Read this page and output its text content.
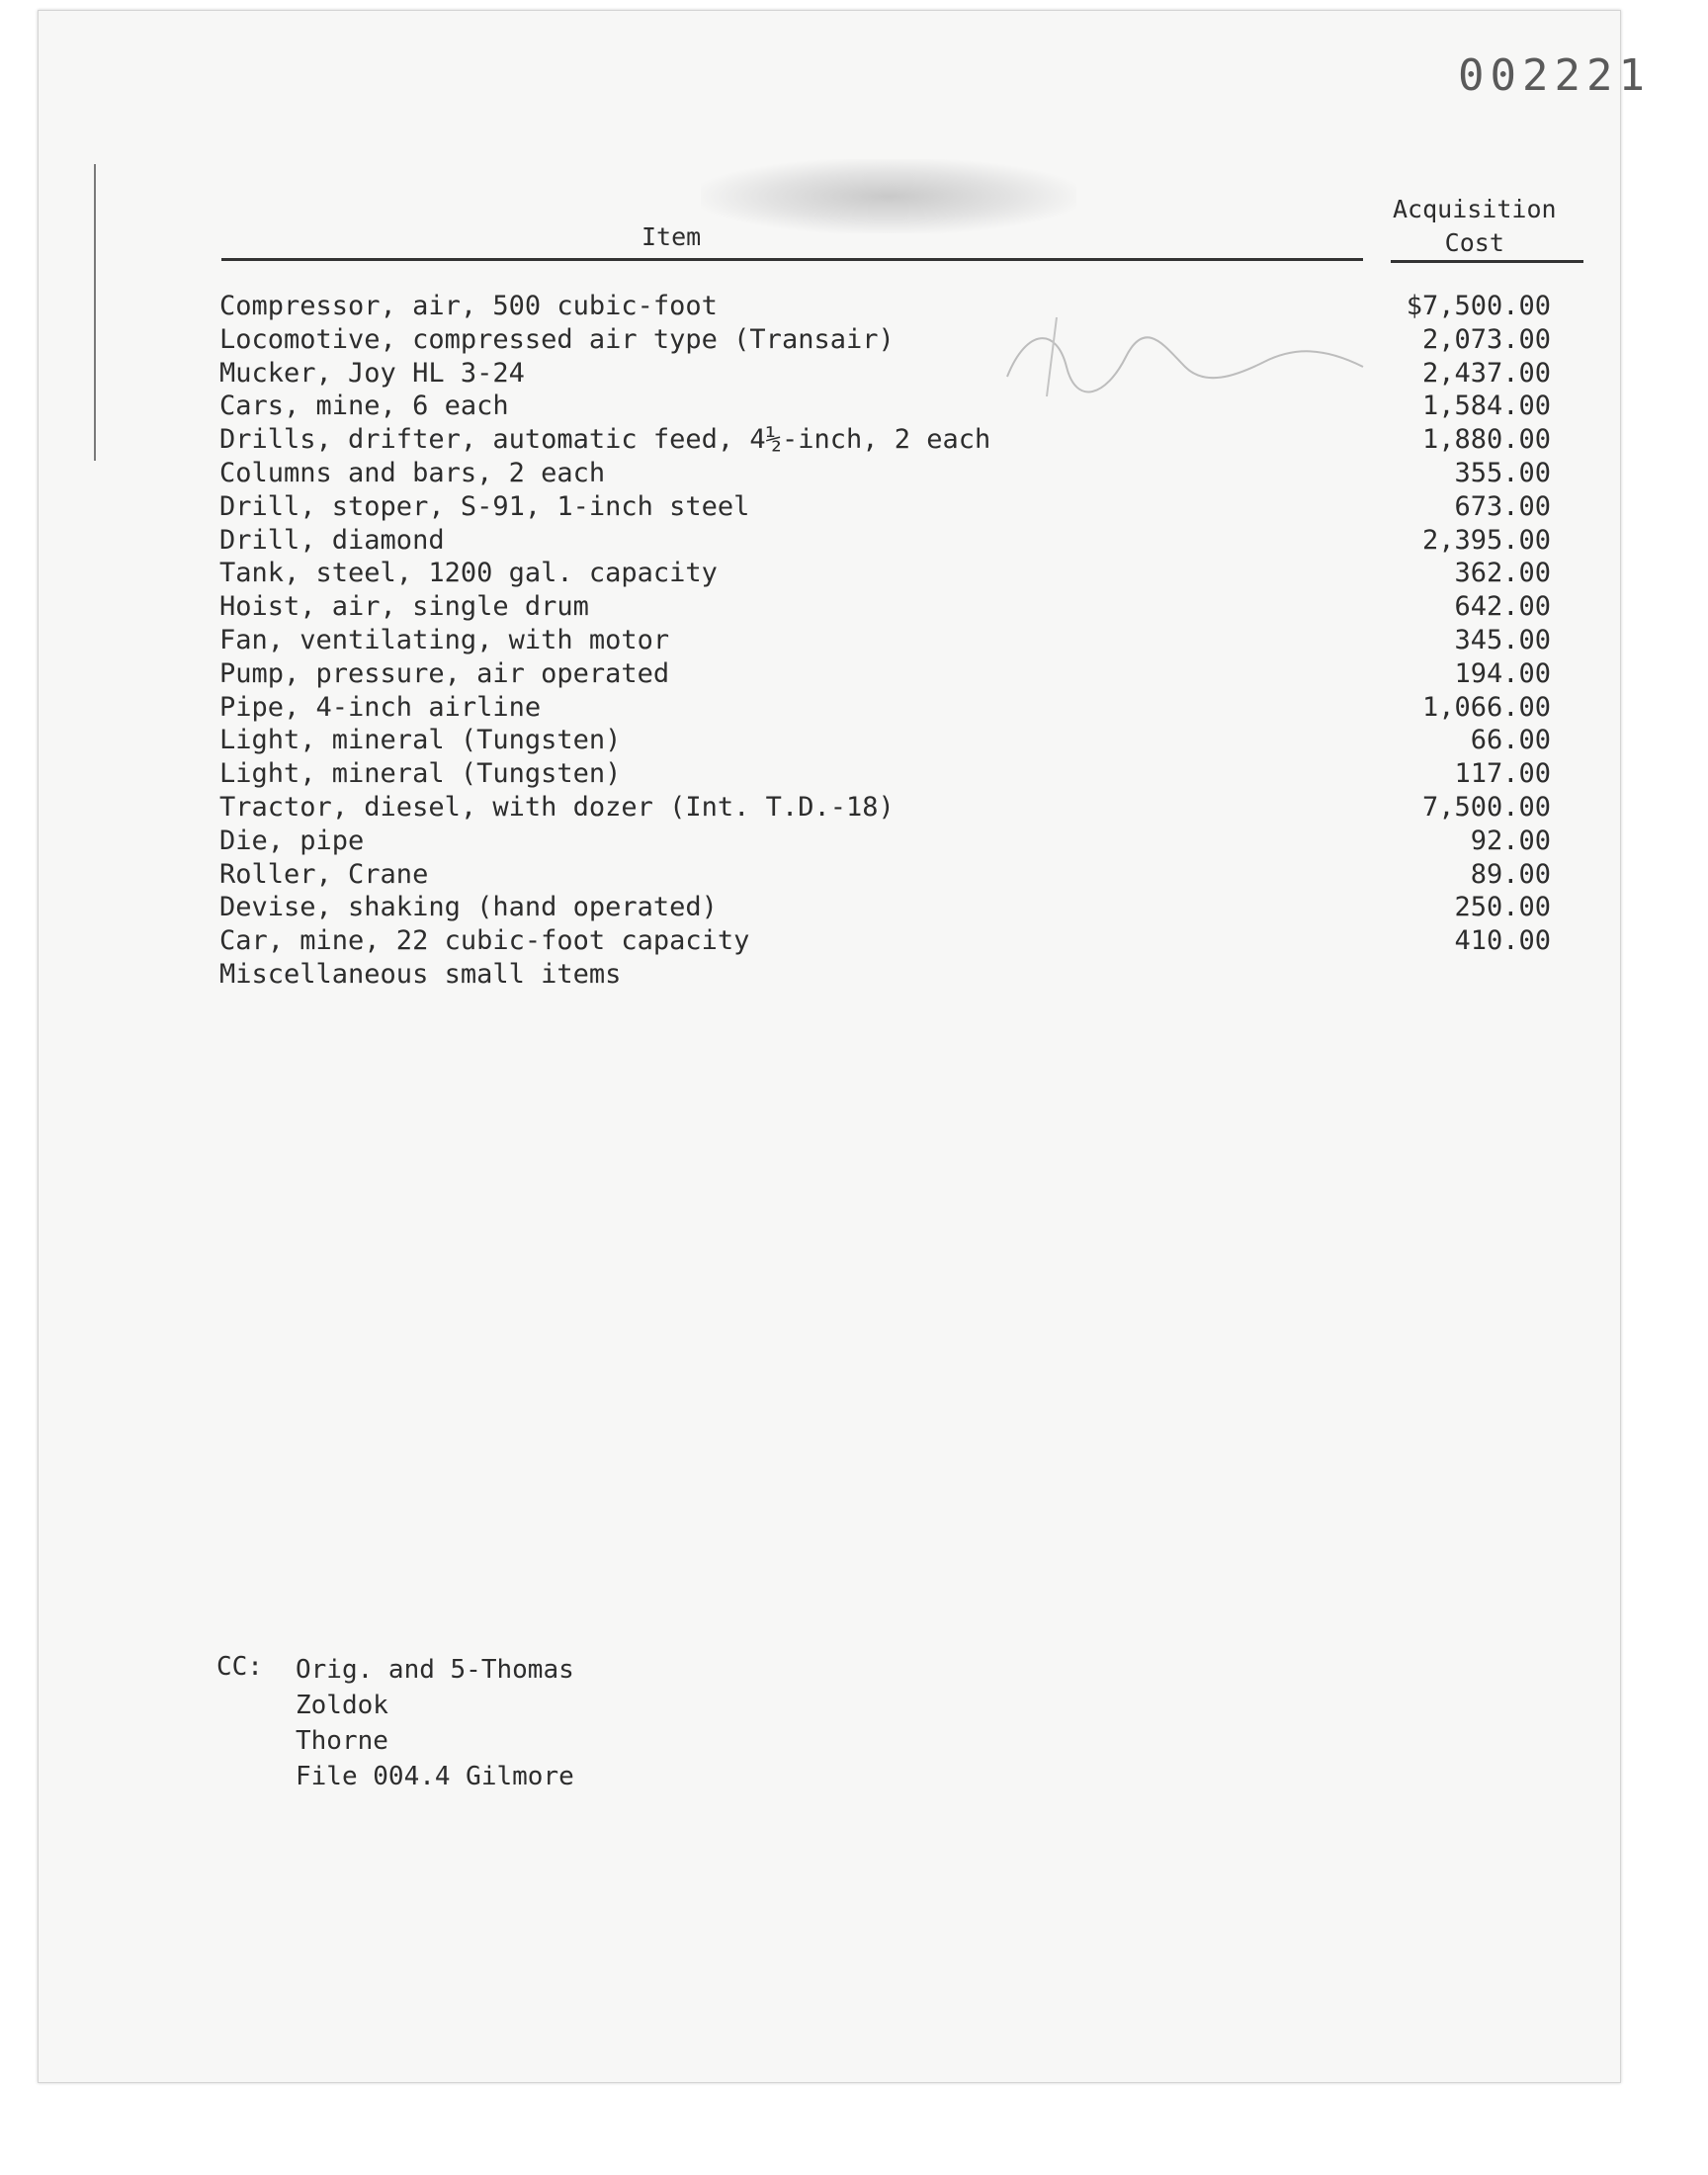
002221
Item
Acquisition
Cost
Compressor, air, 500 cubic-foot
Locomotive, compressed air type (Transair)
Mucker, Joy HL 3-24
Cars, mine, 6 each
Drills, drifter, automatic feed, 4½-inch, 2 each
Columns and bars, 2 each
Drill, stoper, S-91, 1-inch steel
Drill, diamond
Tank, steel, 1200 gal. capacity
Hoist, air, single drum
Fan, ventilating, with motor
Pump, pressure, air operated
Pipe, 4-inch airline
Light, mineral (Tungsten)
Light, mineral (Tungsten)
Tractor, diesel, with dozer (Int. T.D.-18)
Die, pipe
Roller, Crane
Devise, shaking (hand operated)
Car, mine, 22 cubic-foot capacity
Miscellaneous small items
$7,500.00
2,073.00
2,437.00
1,584.00
1,880.00
355.00
673.00
2,395.00
362.00
642.00
345.00
194.00
1,066.00
66.00
117.00
7,500.00
92.00
89.00
250.00
410.00
CC:	Orig. and 5-Thomas
Zoldok
Thorne
File 004.4 Gilmore
